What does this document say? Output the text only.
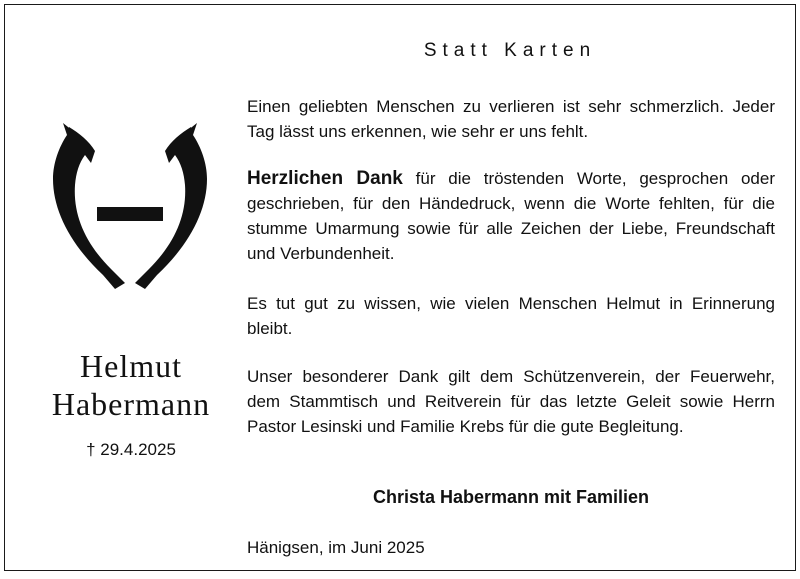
Statt Karten
Helmut
Habermann
† 29.4.2025
Einen geliebten Menschen zu verlieren ist sehr schmerzlich. Jeder Tag lässt uns erkennen, wie sehr er uns fehlt.
Herzlichen Dank für die tröstenden Worte, gesprochen oder geschrieben, für den Händedruck, wenn die Worte fehlten, für die stumme Umarmung sowie für alle Zeichen der Liebe, Freundschaft und Verbundenheit.
Es tut gut zu wissen, wie vielen Menschen Helmut in Erinnerung bleibt.
Unser besonderer Dank gilt dem Schützenverein, der Feuerwehr, dem Stammtisch und Reitverein für das letzte Geleit sowie Herrn Pastor Lesinski und Familie Krebs für die gute Begleitung.
Christa Habermann mit Familien
Hänigsen, im Juni 2025
